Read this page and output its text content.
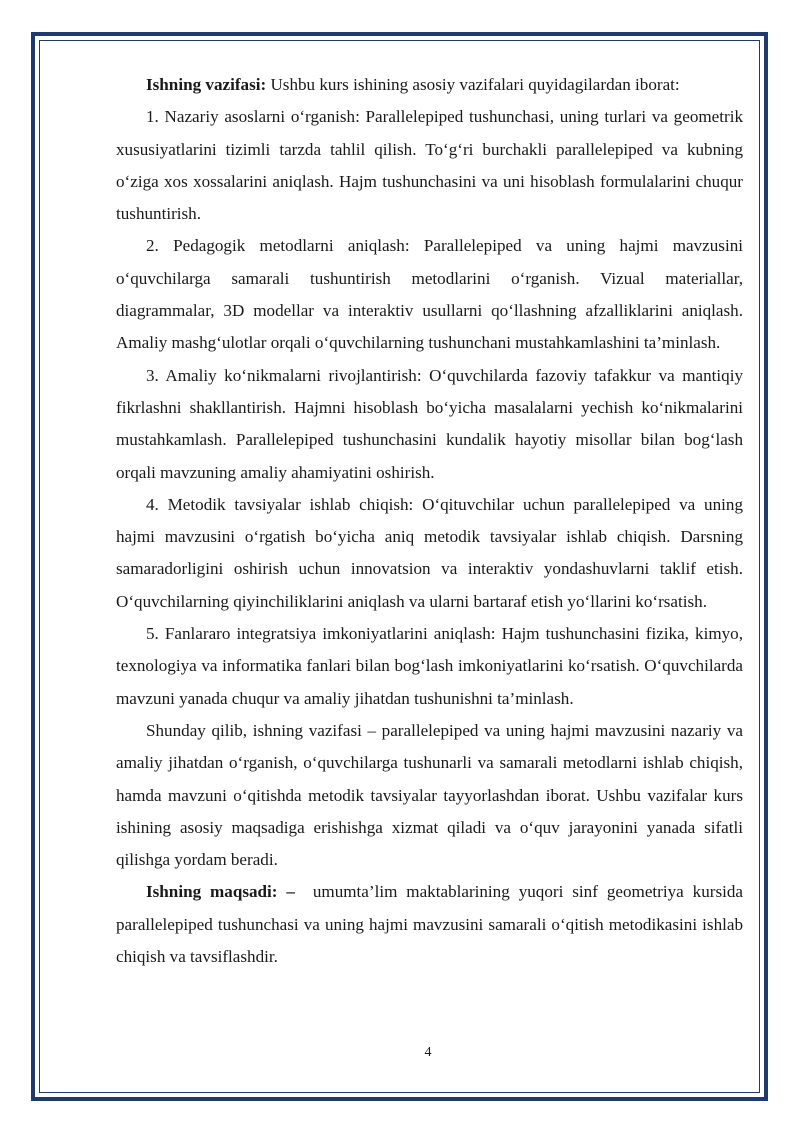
Ishning vazifasi: Ushbu kurs ishining asosiy vazifalari quyidagilardan iborat:

1. Nazariy asoslarni o‘rganish: Parallelepiped tushunchasi, uning turlari va geometrik xususiyatlarini tizimli tarzda tahlil qilish. To‘g‘ri burchakli parallelepiped va kubning o‘ziga xos xossalarini aniqlash. Hajm tushunchasini va uni hisoblash formulalarini chuqur tushuntirish.

2. Pedagogik metodlarni aniqlash: Parallelepiped va uning hajmi mavzusini o‘quvchilarga samarali tushuntirish metodlarini o‘rganish. Vizual materiallar, diagrammalar, 3D modellar va interaktiv usullarni qo‘llashning afzalliklarini aniqlash. Amaliy mashg‘ulotlar orqali o‘quvchilarning tushunchani mustahkamlashini ta’minlash.

3. Amaliy ko‘nikmalarni rivojlantirish: O‘quvchilarda fazoviy tafakkur va mantiqiy fikrlashni shakllantirish. Hajmni hisoblash bo‘yicha masalalarni yechish ko‘nikmalarini mustahkamlash. Parallelepiped tushunchasini kundalik hayotiy misollar bilan bog‘lash orqali mavzuning amaliy ahamiyatini oshirish.

4. Metodik tavsiyalar ishlab chiqish: O‘qituvchilar uchun parallelepiped va uning hajmi mavzusini o‘rgatish bo‘yicha aniq metodik tavsiyalar ishlab chiqish. Darsning samaradorligini oshirish uchun innovatsion va interaktiv yondashuvlarni taklif etish. O‘quvchilarning qiyinchiliklarini aniqlash va ularni bartaraf etish yo‘llarini ko‘rsatish.

5. Fanlararo integratsiya imkoniyatlarini aniqlash: Hajm tushunchasini fizika, kimyo, texnologiya va informatika fanlari bilan bog‘lash imkoniyatlarini ko‘rsatish. O‘quvchilarda mavzuni yanada chuqur va amaliy jihatdan tushunishni ta’minlash.

Shunday qilib, ishning vazifasi – parallelepiped va uning hajmi mavzusini nazariy va amaliy jihatdan o‘rganish, o‘quvchilarga tushunarli va samarali metodlarni ishlab chiqish, hamda mavzuni o‘qitishda metodik tavsiyalar tayyorlashdan iborat. Ushbu vazifalar kurs ishining asosiy maqsadiga erishishga xizmat qiladi va o‘quv jarayonini yanada sifatli qilishga yordam beradi.

Ishning maqsadi: –  umumta’lim maktablarining yuqori sinf geometriya kursida parallelepiped tushunchasi va uning hajmi mavzusini samarali o‘qitish metodikasini ishlab chiqish va tavsiflashdir.

4
